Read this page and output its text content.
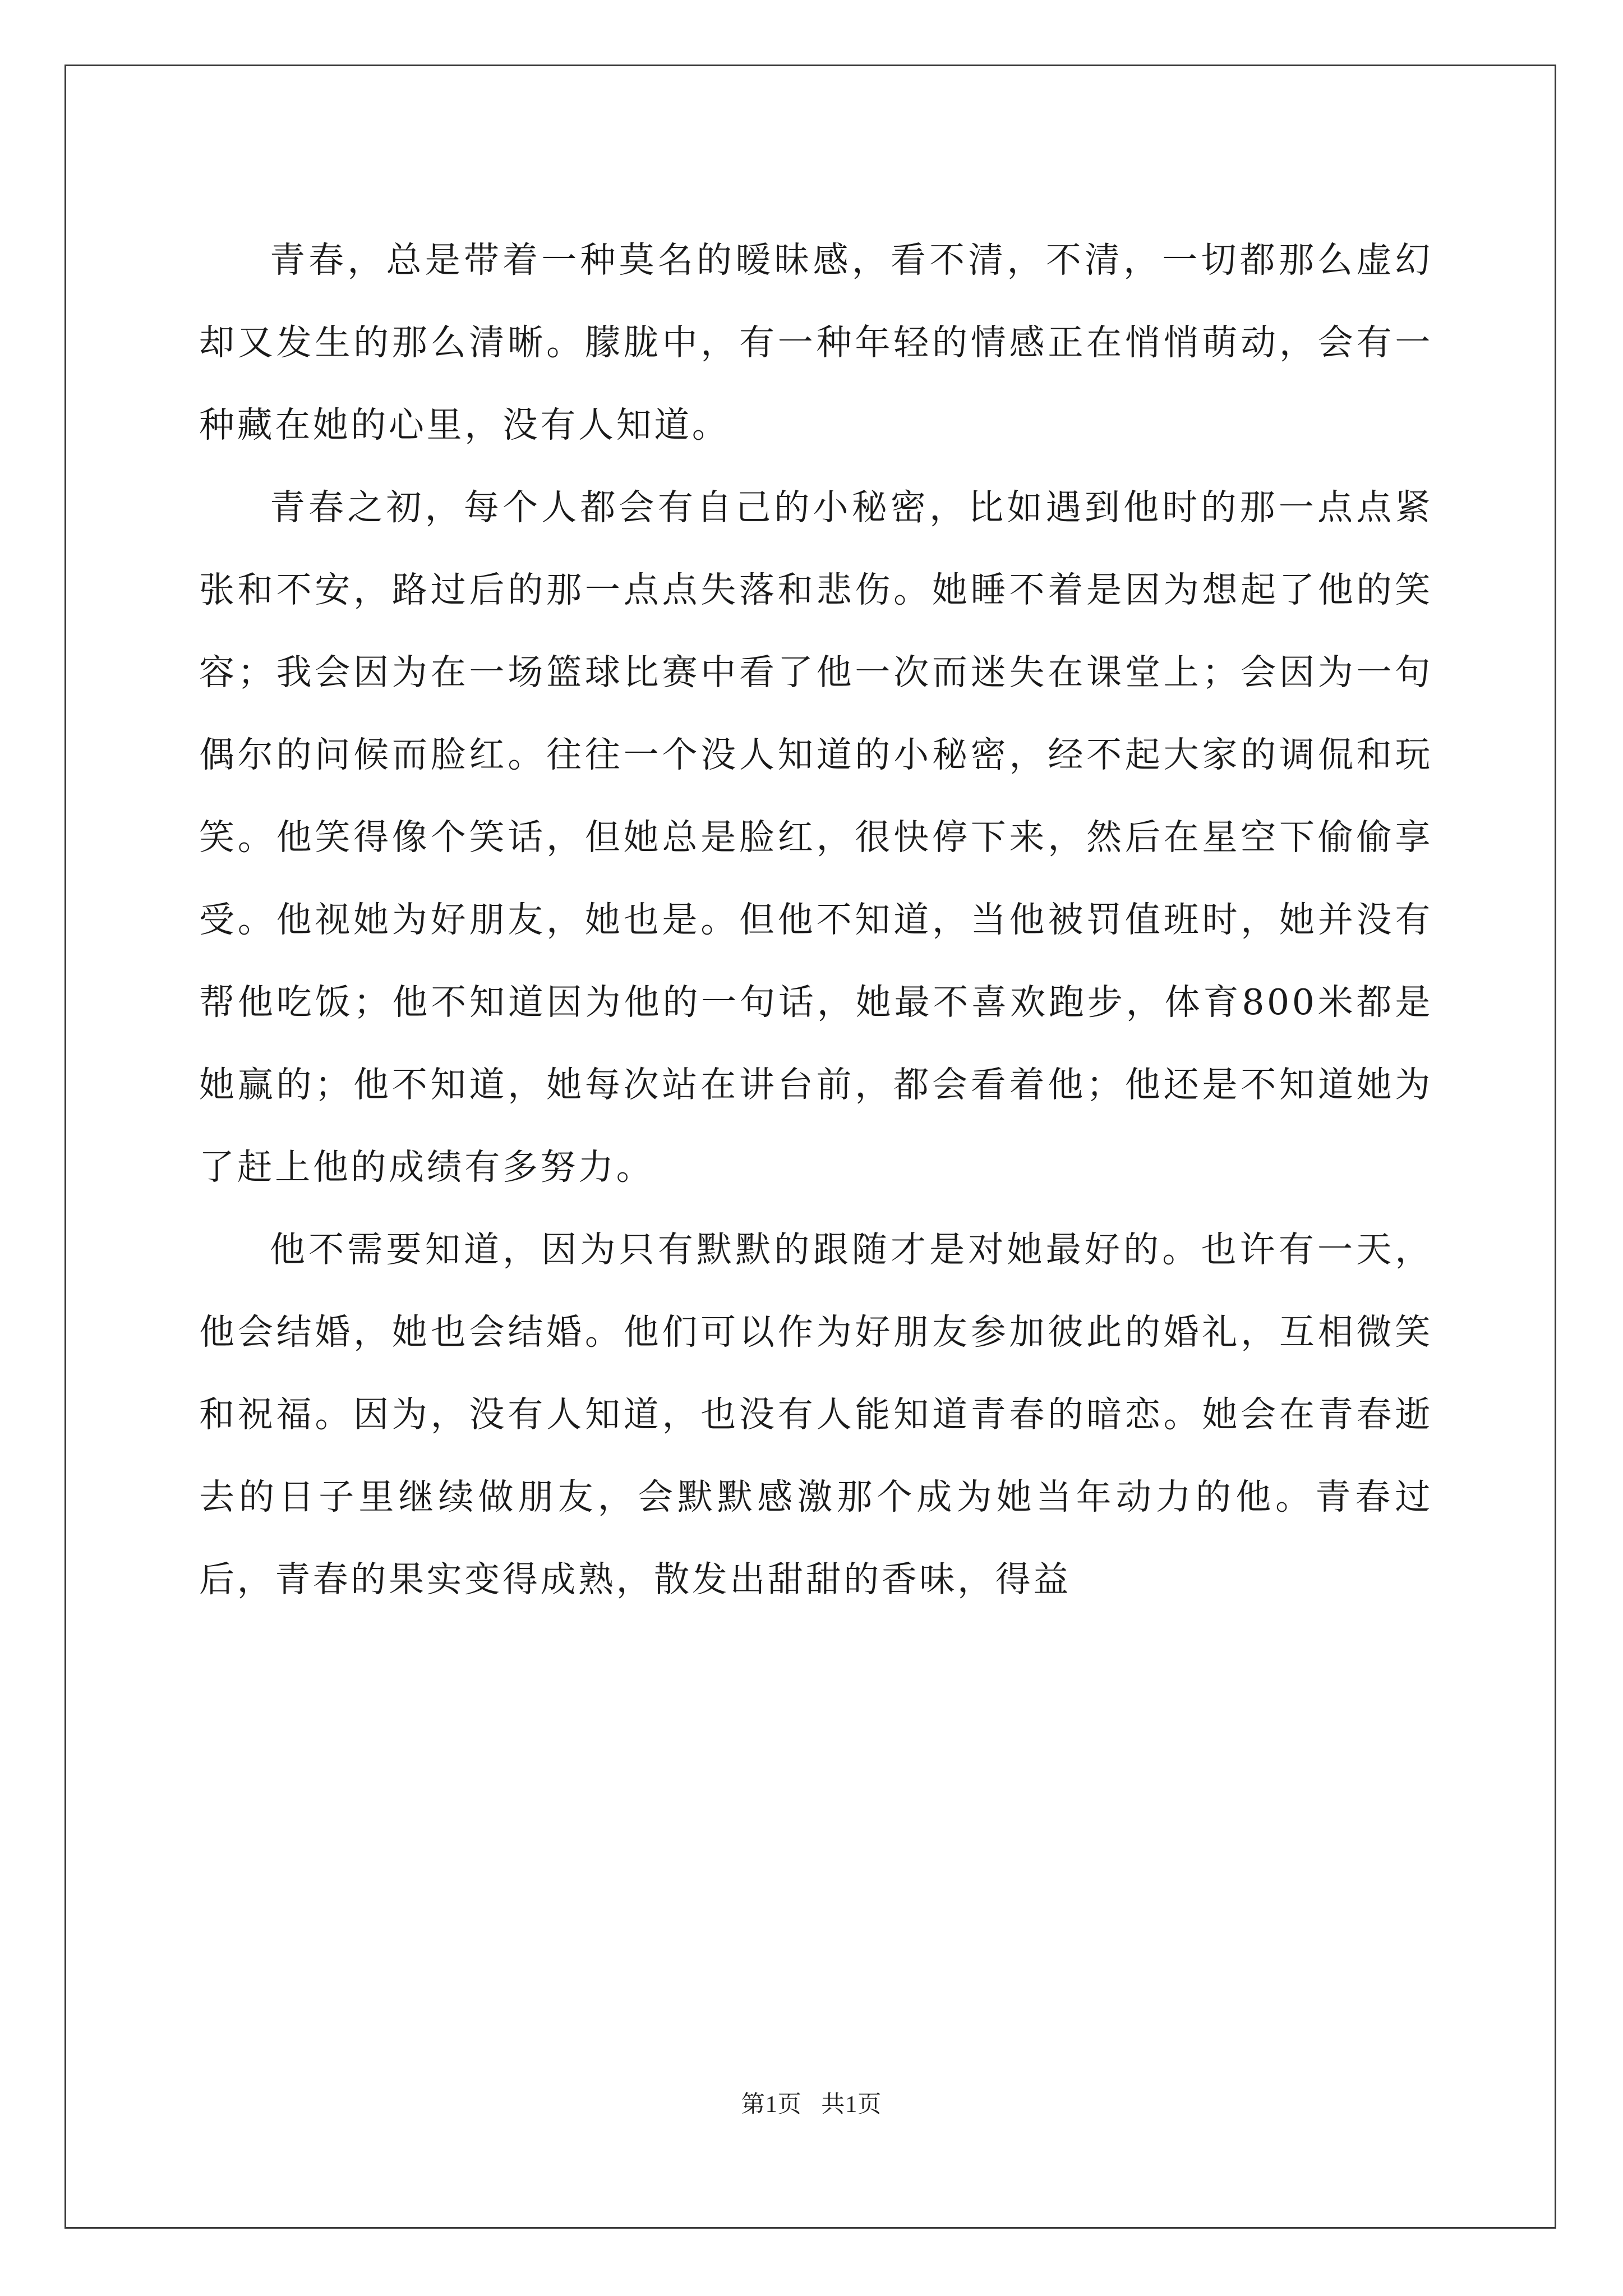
青春，总是带着一种莫名的暧昧感，看不清，不清，一切都那么虚幻却又发生的那么清晰。朦胧中，有一种年轻的情感正在悄悄萌动，会有一种藏在她的心里，没有人知道。

青春之初，每个人都会有自己的小秘密，比如遇到他时的那一点点紧张和不安，路过后的那一点点失落和悲伤。她睡不着是因为想起了他的笑容；我会因为在一场篮球比赛中看了他一次而迷失在课堂上；会因为一句偶尔的问候而脸红。往往一个没人知道的小秘密，经不起大家的调侃和玩笑。他笑得像个笑话，但她总是脸红，很快停下来，然后在星空下偷偷享受。他视她为好朋友，她也是。但他不知道，当他被罚值班时，她并没有帮他吃饭；他不知道因为他的一句话，她最不喜欢跑步，体育800米都是她赢的；他不知道，她每次站在讲台前，都会看着他；他还是不知道她为了赶上他的成绩有多努力。

他不需要知道，因为只有默默的跟随才是对她最好的。也许有一天，他会结婚，她也会结婚。他们可以作为好朋友参加彼此的婚礼，互相微笑和祝福。因为，没有人知道，也没有人能知道青春的暗恋。她会在青春逝去的日子里继续做朋友，会默默感激那个成为她当年动力的他。青春过后，青春的果实变得成熟，散发出甜甜的香味，得益

第1页 共1页
